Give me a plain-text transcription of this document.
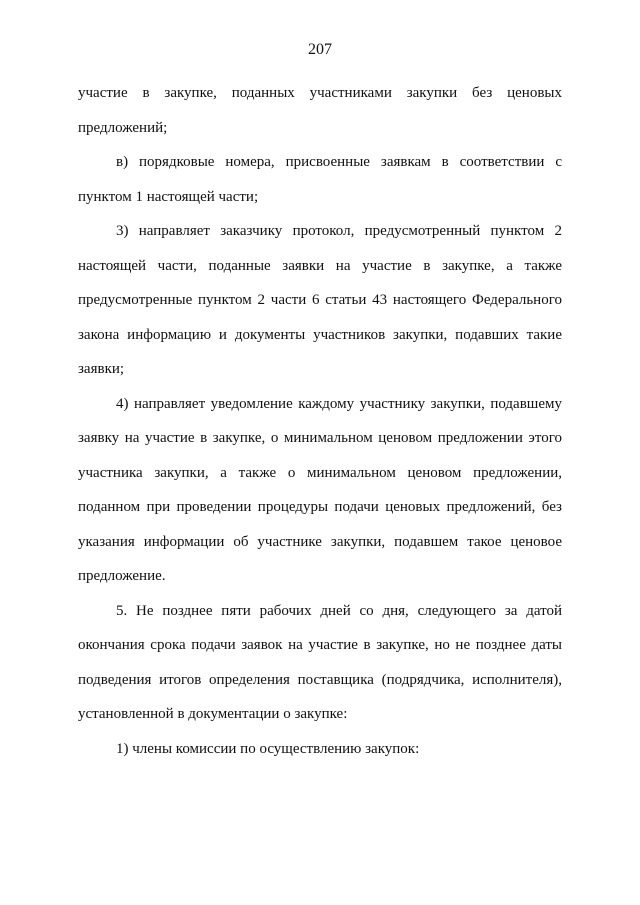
207

участие в закупке, поданных участниками закупки без ценовых предложений;

в) порядковые номера, присвоенные заявкам в соответствии с пунктом 1 настоящей части;

3) направляет заказчику протокол, предусмотренный пунктом 2 настоящей части, поданные заявки на участие в закупке, а также предусмотренные пунктом 2 части 6 статьи 43 настоящего Федерального закона информацию и документы участников закупки, подавших такие заявки;

4) направляет уведомление каждому участнику закупки, подавшему заявку на участие в закупке, о минимальном ценовом предложении этого участника закупки, а также о минимальном ценовом предложении, поданном при проведении процедуры подачи ценовых предложений, без указания информации об участнике закупки, подавшем такое ценовое предложение.

5. Не позднее пяти рабочих дней со дня, следующего за датой окончания срока подачи заявок на участие в закупке, но не позднее даты подведения итогов определения поставщика (подрядчика, исполнителя), установленной в документации о закупке:

1) члены комиссии по осуществлению закупок:
